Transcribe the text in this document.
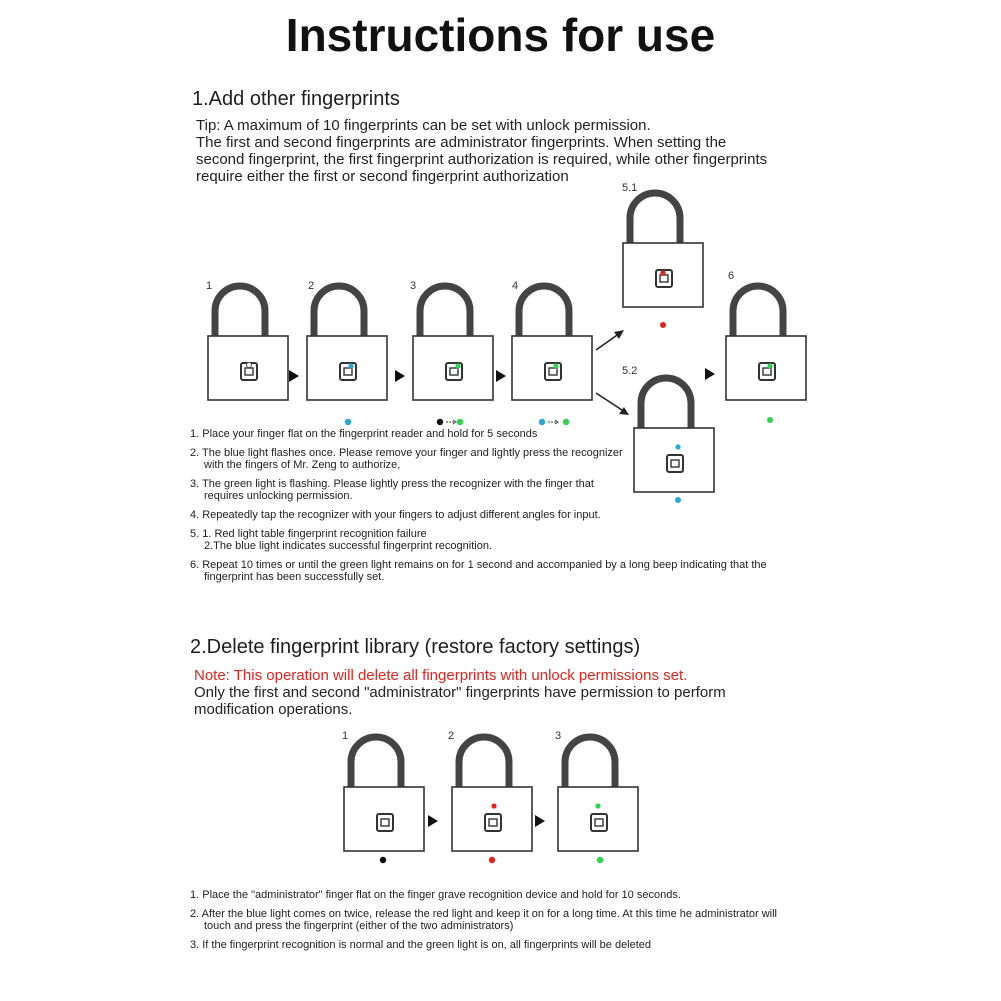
Instructions for use
1.Add other fingerprints
Tip: A maximum of 10 fingerprints can be set with unlock permission.
The first and second fingerprints are administrator fingerprints. When setting the
second fingerprint, the first fingerprint authorization is required, while other fingerprints
require either the first or second fingerprint authorization
1	2	3	4
5.1
5.2
6
1. Place your finger flat on the fingerprint reader and hold for 5 seconds
2. The blue light flashes once. Please remove your finger and lightly press the recognizer with the fingers of Mr. Zeng to authorize,
3. The green light is flashing. Please lightly press the recognizer with the finger that requires unlocking permission.
4. Repeatedly tap the recognizer with your fingers to adjust different angles for input.
5. 1. Red light table fingerprint recognition failure
2.The blue light indicates successful fingerprint recognition.
6. Repeat 10 times or until the green light remains on for 1 second and accompanied by a long beep indicating that the fingerprint has been successfully set.
2.Delete fingerprint library (restore factory settings)
Note: This operation will delete all fingerprints with unlock permissions set.
Only the first and second "administrator" fingerprints have permission to perform
modification operations.
1	2	3
1. Place the "administrator" finger flat on the finger grave recognition device and hold for 10 seconds.
2. After the blue light comes on twice, release the red light and keep it on for a long time. At this time he administrator will touch and press the fingerprint (either of the two administrators)
3. If the fingerprint recognition is normal and the green light is on, all fingerprints will be deleted
